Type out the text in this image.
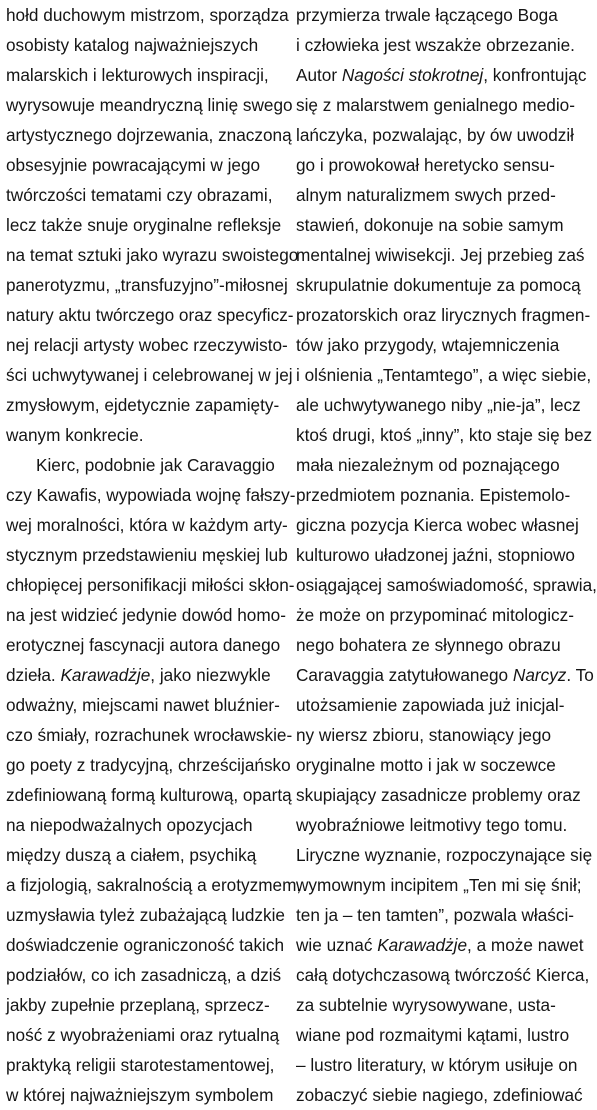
hołd duchowym mistrzom, sporządza
osobisty katalog najważniejszych
malarskich i lekturowych inspiracji,
wyrysowuje meandryczną linię swego
artystycznego dojrzewania, znaczoną
obsesyjnie powracającymi w jego
twórczości tematami czy obrazami,
lecz także snuje oryginalne refleksje
na temat sztuki jako wyrazu swoistego
panerotyzmu, „transfuzyjno”-miłosnej
natury aktu twórczego oraz specyficz-
nej relacji artysty wobec rzeczywisto-
ści uchwytywanej i celebrowanej w jej
zmysłowym, ejdetycznie zapamięty-
wanym konkrecie.
Kierc, podobnie jak Caravaggio
czy Kawafis, wypowiada wojnę fałszy-
wej moralności, która w każdym arty-
stycznym przedstawieniu męskiej lub
chłopięcej personifikacji miłości skłon-
na jest widzieć jedynie dowód homo-
erotycznej fascynacji autora danego
dzieła. Karawadżje, jako niezwykle
odważny, miejscami nawet bluźnier-
czo śmiały, rozrachunek wrocławskie-
go poety z tradycyjną, chrześcijańsko
zdefiniowaną formą kulturową, opartą
na niepodważalnych opozycjach
między duszą a ciałem, psychiką
a fizjologią, sakralnością a erotyzmem,
uzmysławia tyleż zubażającą ludzkie
doświadczenie ograniczoność takich
podziałów, co ich zasadniczą, a dziś
jakby zupełnie przeplaną, sprzecz-
ność z wyobrażeniami oraz rytualną
praktyką religii starotestamentowej,
w której najważniejszym symbolem
przymierza trwale łączącego Boga
i człowieka jest wszakże obrzezanie.
Autor Nagości stokrotnej, konfrontując
się z malarstwem genialnego medio-
lańczyka, pozwalając, by ów uwodził
go i prowokował heretycko sensu-
alnym naturalizmem swych przed-
stawień, dokonuje na sobie samym
mentalnej wiwisekcji. Jej przebieg zaś
skrupulatnie dokumentuje za pomocą
prozatorskich oraz lirycznych fragmen-
tów jako przygody, wtajemniczenia
i olśnienia „Tentamtego”, a więc siebie,
ale uchwytywanego niby „nie-ja”, lecz
ktoś drugi, ktoś „inny”, kto staje się bez
mała niezależnym od poznającego
przedmiotem poznania. Epistemolo-
giczna pozycja Kierca wobec własnej
kulturowo uładzonej jaźni, stopniowo
osiągającej samoświadomość, sprawia,
że może on przypominać mitologicz-
nego bohatera ze słynnego obrazu
Caravaggia zatytułowanego Narcyz. To
utożsamienie zapowiada już inicjal-
ny wiersz zbioru, stanowiący jego
oryginalne motto i jak w soczewce
skupiający zasadnicze problemy oraz
wyobraźniowe leitmotivy tego tomu.
Liryczne wyznanie, rozpoczynające się
wymownym incipitem „Ten mi się śnił;
ten ja – ten tamten”, pozwala właści-
wie uznać Karawadżje, a może nawet
całą dotychczasową twórczość Kierca,
za subtelnie wyrysowywane, usta-
wiane pod rozmaitymi kątami, lustro
– lustro literatury, w którym usiłuje on
zobaczyć siebie nagiego, zdefiniować
